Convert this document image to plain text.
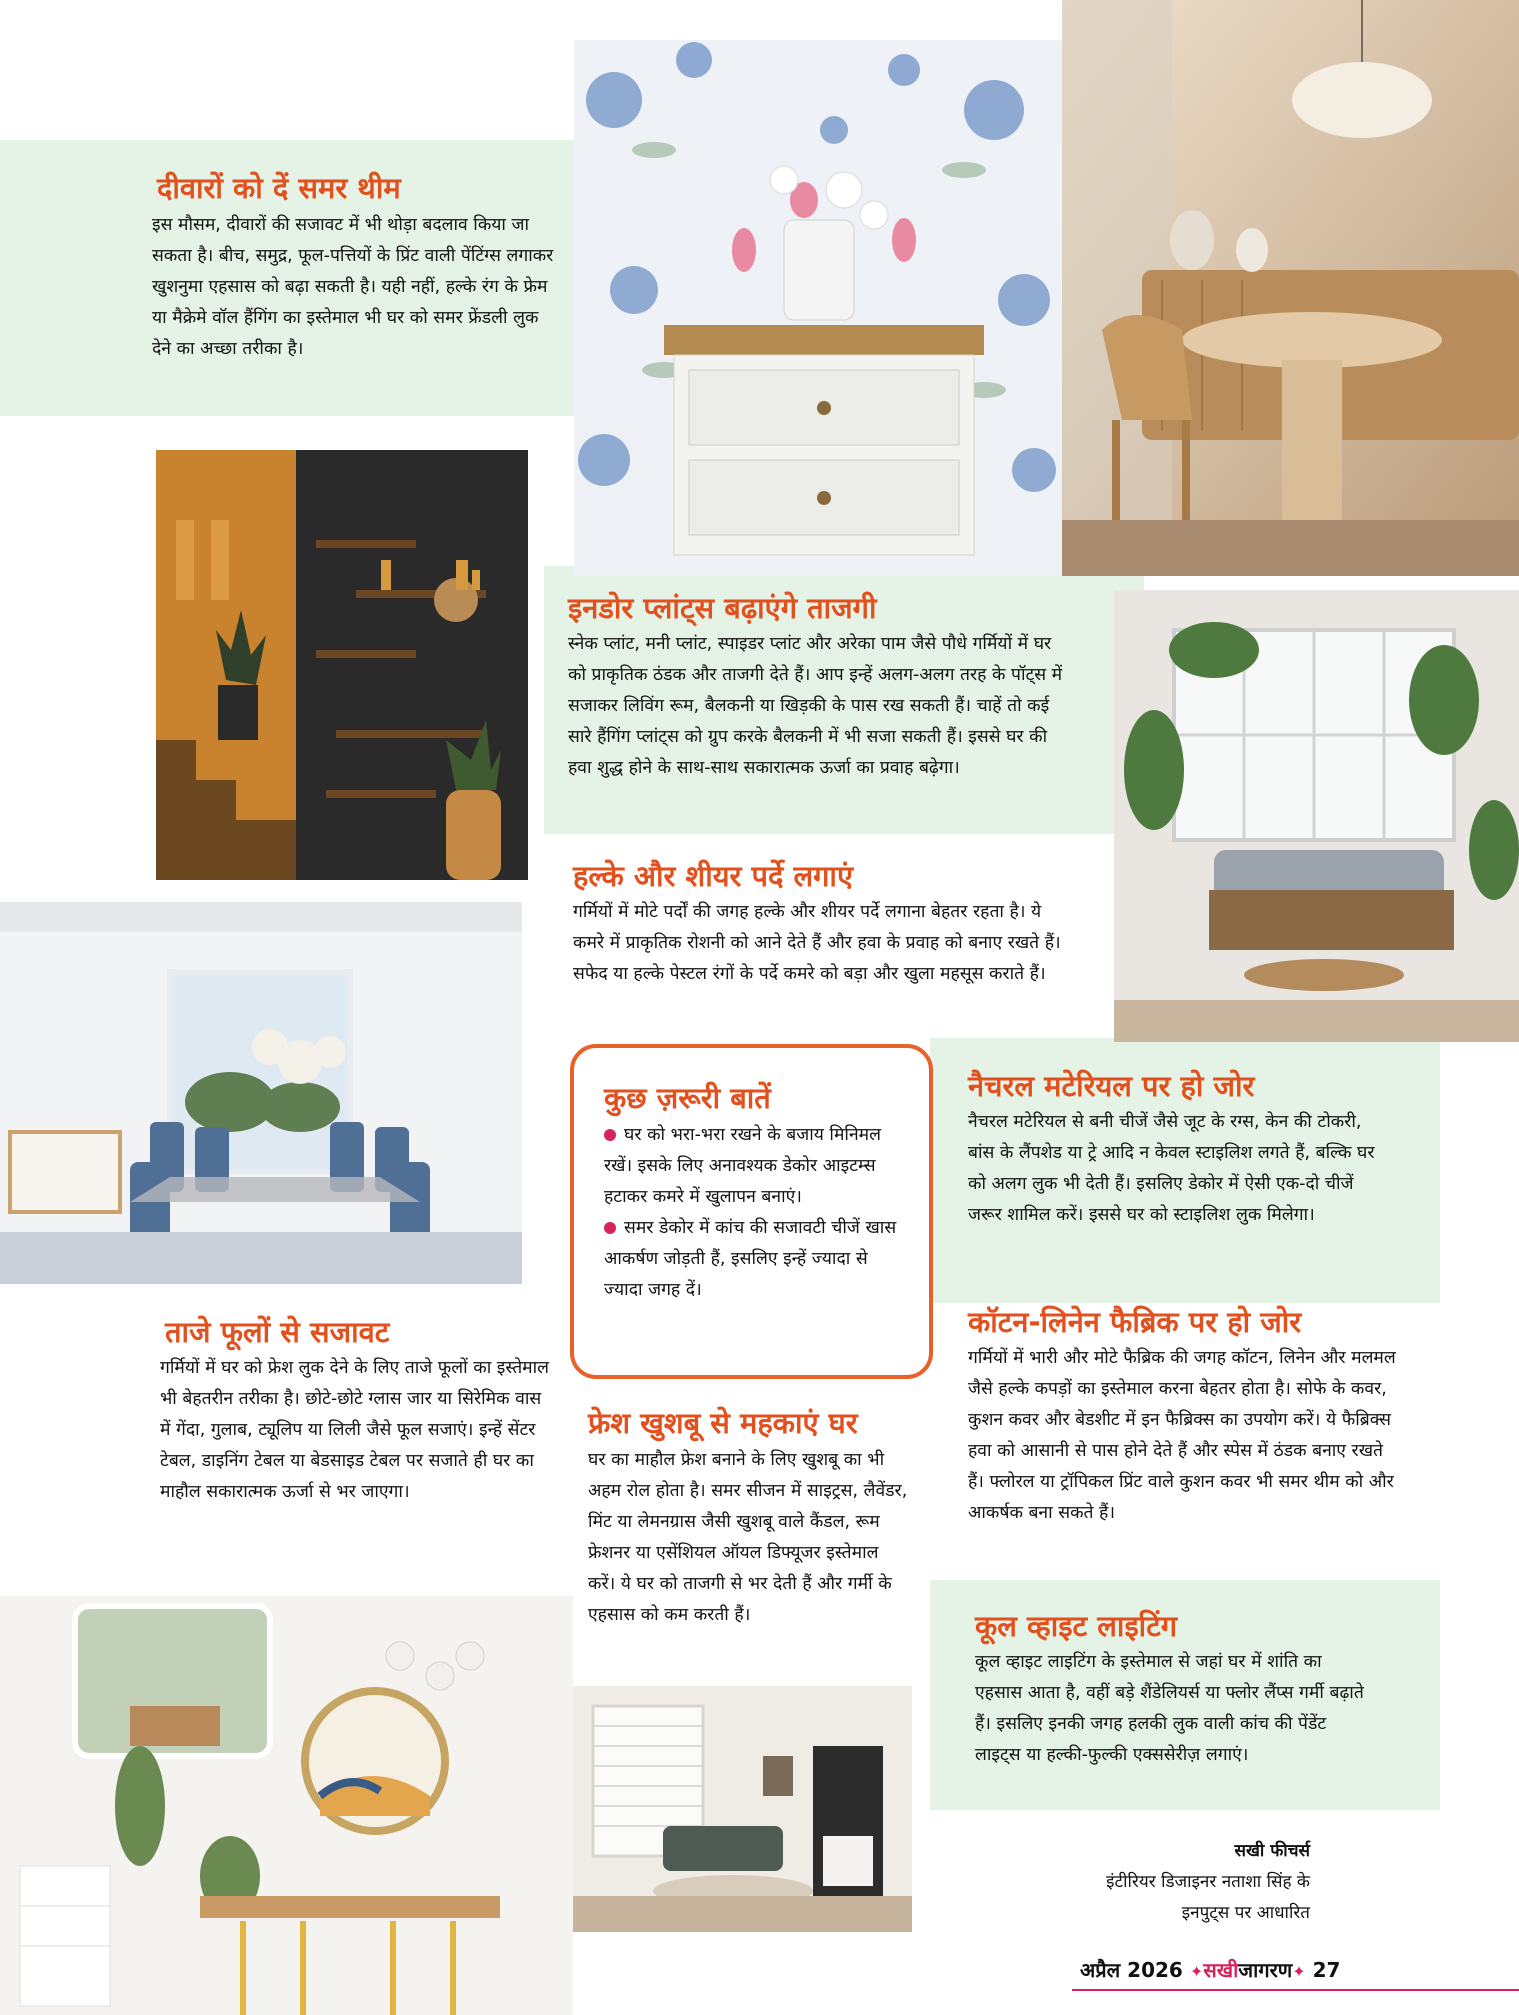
दीवारों को दें समर थीम

इस मौसम, दीवारों की सजावट में भी थोड़ा बदलाव किया जा सकता है। बीच, समुद्र, फूल-पत्तियों के प्रिंट वाली पेंटिंग्स लगाकर खुशनुमा एहसास को बढ़ा सकती है। यही नहीं, हल्के रंग के फ्रेम या मैक्रेमे वॉल हैंगिंग का इस्तेमाल भी घर को समर फ्रेंडली लुक देने का अच्छा तरीका है।

इनडोर प्लांट्स बढ़ाएंगे ताजगी

स्नेक प्लांट, मनी प्लांट, स्पाइडर प्लांट और अरेका पाम जैसे पौधे गर्मियों में घर को प्राकृतिक ठंडक और ताजगी देते हैं। आप इन्हें अलग-अलग तरह के पॉट्स में सजाकर लिविंग रूम, बैलकनी या खिड़की के पास रख सकती हैं। चाहें तो कई सारे हैंगिंग प्लांट्स को ग्रुप करके बैलकनी में भी सजा सकती हैं। इससे घर की हवा शुद्ध होने के साथ-साथ सकारात्मक ऊर्जा का प्रवाह बढ़ेगा।

हल्के और शीयर पर्दे लगाएं

गर्मियों में मोटे पर्दों की जगह हल्के और शीयर पर्दे लगाना बेहतर रहता है। ये कमरे में प्राकृतिक रोशनी को आने देते हैं और हवा के प्रवाह को बनाए रखते हैं। सफेद या हल्के पेस्टल रंगों के पर्दे कमरे को बड़ा और खुला महसूस कराते हैं।

नैचरल मटेरियल पर हो जोर

नैचरल मटेरियल से बनी चीजें जैसे जूट के रग्स, केन की टोकरी, बांस के लैंपशेड या ट्रे आदि न केवल स्टाइलिश लगते हैं, बल्कि घर को अलग लुक भी देती हैं। इसलिए डेकोर में ऐसी एक-दो चीजें जरूर शामिल करें। इससे घर को स्टाइलिश लुक मिलेगा।

ताजे फूलों से सजावट

गर्मियों में घर को फ्रेश लुक देने के लिए ताजे फूलों का इस्तेमाल भी बेहतरीन तरीका है। छोटे-छोटे ग्लास जार या सिरेमिक वास में गेंदा, गुलाब, ट्यूलिप या लिली जैसे फूल सजाएं। इन्हें सेंटर टेबल, डाइनिंग टेबल या बेडसाइड टेबल पर सजाते ही घर का माहौल सकारात्मक ऊर्जा से भर जाएगा।

फ्रेश खुशबू से महकाएं घर

घर का माहौल फ्रेश बनाने के लिए खुशबू का भी अहम रोल होता है। समर सीजन में साइट्रस, लैवेंडर, मिंट या लेमनग्रास जैसी खुशबू वाले कैंडल, रूम फ्रेशनर या एसेंशियल ऑयल डिफ्यूजर इस्तेमाल करें। ये घर को ताजगी से भर देती हैं और गर्मी के एहसास को कम करती हैं।

कॉटन-लिनेन फैब्रिक पर हो जोर

गर्मियों में भारी और मोटे फैब्रिक की जगह कॉटन, लिनेन और मलमल जैसे हल्के कपड़ों का इस्तेमाल करना बेहतर होता है। सोफे के कवर, कुशन कवर और बेडशीट में इन फैब्रिक्स का उपयोग करें। ये फैब्रिक्स हवा को आसानी से पास होने देते हैं और स्पेस में ठंडक बनाए रखते हैं। फ्लोरल या ट्रॉपिकल प्रिंट वाले कुशन कवर भी समर थीम को और आकर्षक बना सकते हैं।

कूल व्हाइट लाइटिंग

कूल व्हाइट लाइटिंग के इस्तेमाल से जहां घर में शांति का एहसास आता है, वहीं बड़े शैंडेलियर्स या फ्लोर लैंप्स गर्मी बढ़ाते हैं। इसलिए इनकी जगह हलकी लुक वाली कांच की पेंडेंट लाइट्स या हल्की-फुल्की एक्ससेरीज़ लगाएं।

कुछ ज़रूरी बातें

घर को भरा-भरा रखने के बजाय मिनिमल रखें। इसके लिए अनावश्यक डेकोर आइटम्स हटाकर कमरे में खुलापन बनाएं।

समर डेकोर में कांच की सजावटी चीजें खास आकर्षण जोड़ती हैं, इसलिए इन्हें ज्यादा से ज्यादा जगह दें।

सखी फीचर्स
इंटीरियर डिजाइनर नताशा सिंह के
इनपुट्स पर आधारित
अप्रैल 2026 ✦सखीजागरण✦ 27
